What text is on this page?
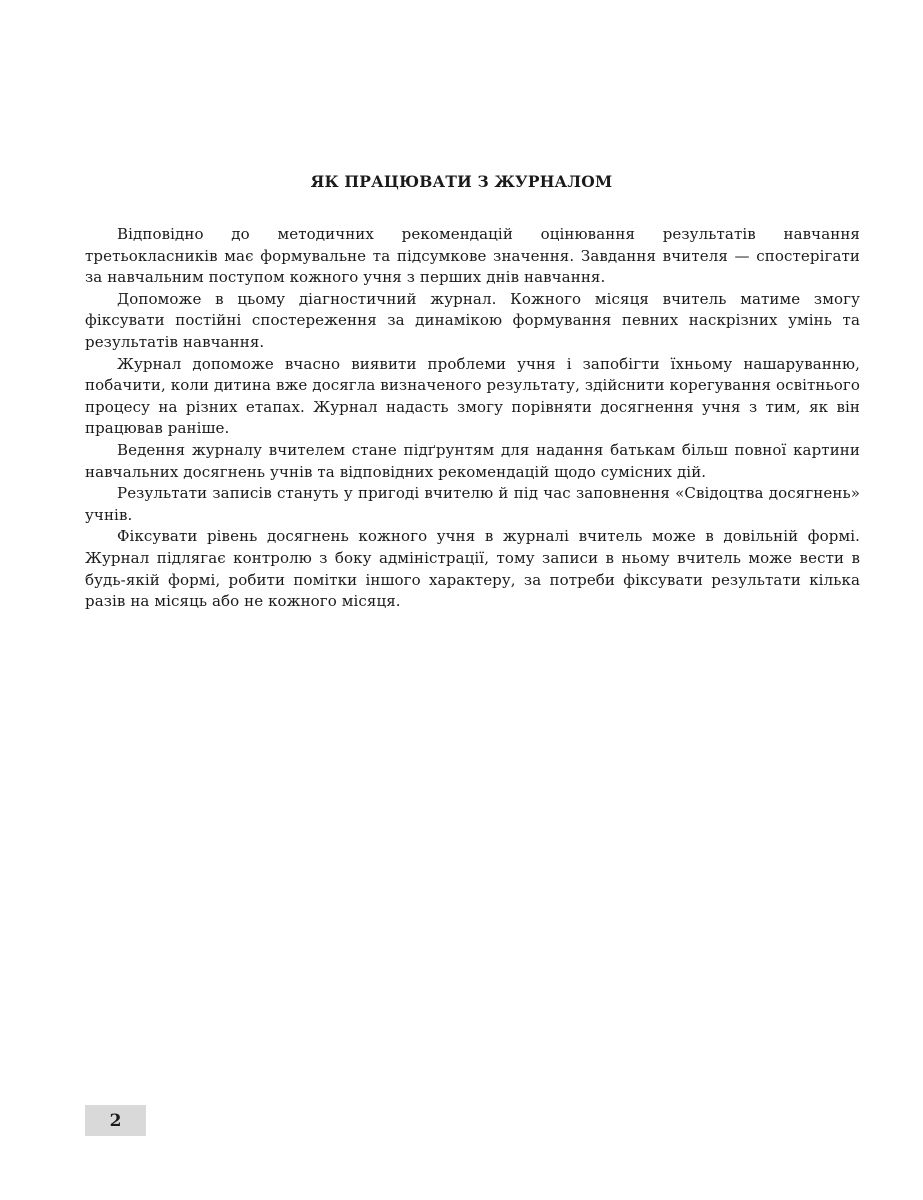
ЯК ПРАЦЮВАТИ З ЖУРНАЛОМ

Відповідно до методичних рекомендацій оцінювання результатів навчання третьокласників має формувальне та підсумкове значення. Завдання вчителя — спостерігати за навчальним поступом кожного учня з перших днів навчання.

Допоможе в цьому діагностичний журнал. Кожного місяця вчитель матиме змогу фіксувати постійні спостереження за динамікою формування певних наскрізних умінь та результатів навчання.

Журнал допоможе вчасно виявити проблеми учня і запобігти їхньому нашаруванню, побачити, коли дитина вже досягла визначеного результату, здійснити корегування освітнього процесу на різних етапах. Журнал надасть змогу порівняти досягнення учня з тим, як він працював раніше.

Ведення журналу вчителем стане підґрунтям для надання батькам більш повної картини навчальних досягнень учнів та відповідних рекомендацій щодо сумісних дій.

Результати записів стануть у пригоді вчителю й під час заповнення «Свідоцтва досягнень» учнів.

Фіксувати рівень досягнень кожного учня в журналі вчитель може в довільній формі. Журнал підлягає контролю з боку адміністрації, тому записи в ньому вчитель може вести в будь-якій формі, робити помітки іншого характеру, за потреби фіксувати результати кілька разів на місяць або не кожного місяця.

2
